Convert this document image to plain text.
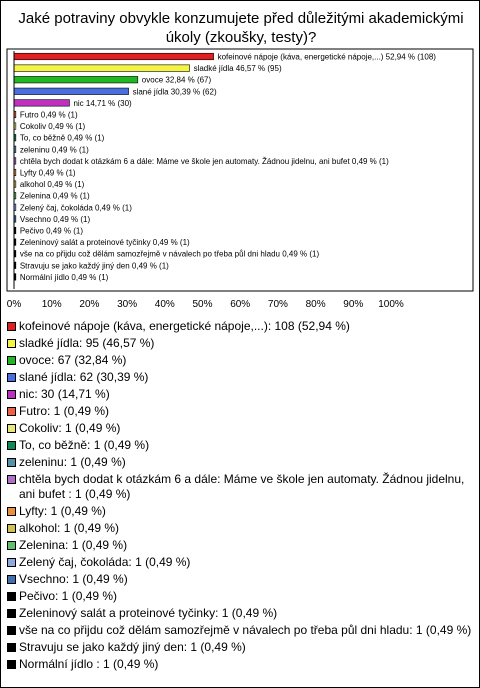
Jaké potraviny obvykle konzumujete před důležitými akademickými úkoly (zkoušky, testy)?
kofeinové nápoje (káva, energetické nápoje,...) 52,94 % (108)
sladké jídla 46,57 % (95)
ovoce 32,84 % (67)
slané jídla 30,39 % (62)
nic 14,71 % (30)
Futro 0,49 % (1)
Cokoliv 0,49 % (1)
To, co běžně 0,49 % (1)
zeleninu 0,49 % (1)
chtěla bych dodat k otázkám 6 a dále: Máme ve škole jen automaty. Žádnou jidelnu, ani bufet 0,49 % (1)
Lyfty 0,49 % (1)
alkohol 0,49 % (1)
Zelenina 0,49 % (1)
Zelený čaj, čokoláda 0,49 % (1)
Vsechno 0,49 % (1)
Pečivo 0,49 % (1)
Zeleninový salát a proteinové tyčinky 0,49 % (1)
vše na co přijdu což dělám samozřejmě v návalech po třeba půl dni hladu 0,49 % (1)
Stravuju se jako každý jiný den 0,49 % (1)
Normální jídlo 0,49 % (1)
0% 10% 20% 30% 40% 50% 60% 70% 80% 90% 100%
kofeinové nápoje (káva, energetické nápoje,...): 108 (52,94 %)
sladké jídla: 95 (46,57 %)
ovoce: 67 (32,84 %)
slané jídla: 62 (30,39 %)
nic: 30 (14,71 %)
Futro: 1 (0,49 %)
Cokoliv: 1 (0,49 %)
To, co běžně: 1 (0,49 %)
zeleninu: 1 (0,49 %)
chtěla bych dodat k otázkám 6 a dále: Máme ve škole jen automaty. Žádnou jidelnu, ani bufet : 1 (0,49 %)
Lyfty: 1 (0,49 %)
alkohol: 1 (0,49 %)
Zelenina: 1 (0,49 %)
Zelený čaj, čokoláda: 1 (0,49 %)
Vsechno: 1 (0,49 %)
Pečivo: 1 (0,49 %)
Zeleninový salát a proteinové tyčinky: 1 (0,49 %)
vše na co přijdu což dělám samozřejmě v návalech po třeba půl dni hladu: 1 (0,49 %)
Stravuju se jako každý jiný den: 1 (0,49 %)
Normální jídlo : 1 (0,49 %)
